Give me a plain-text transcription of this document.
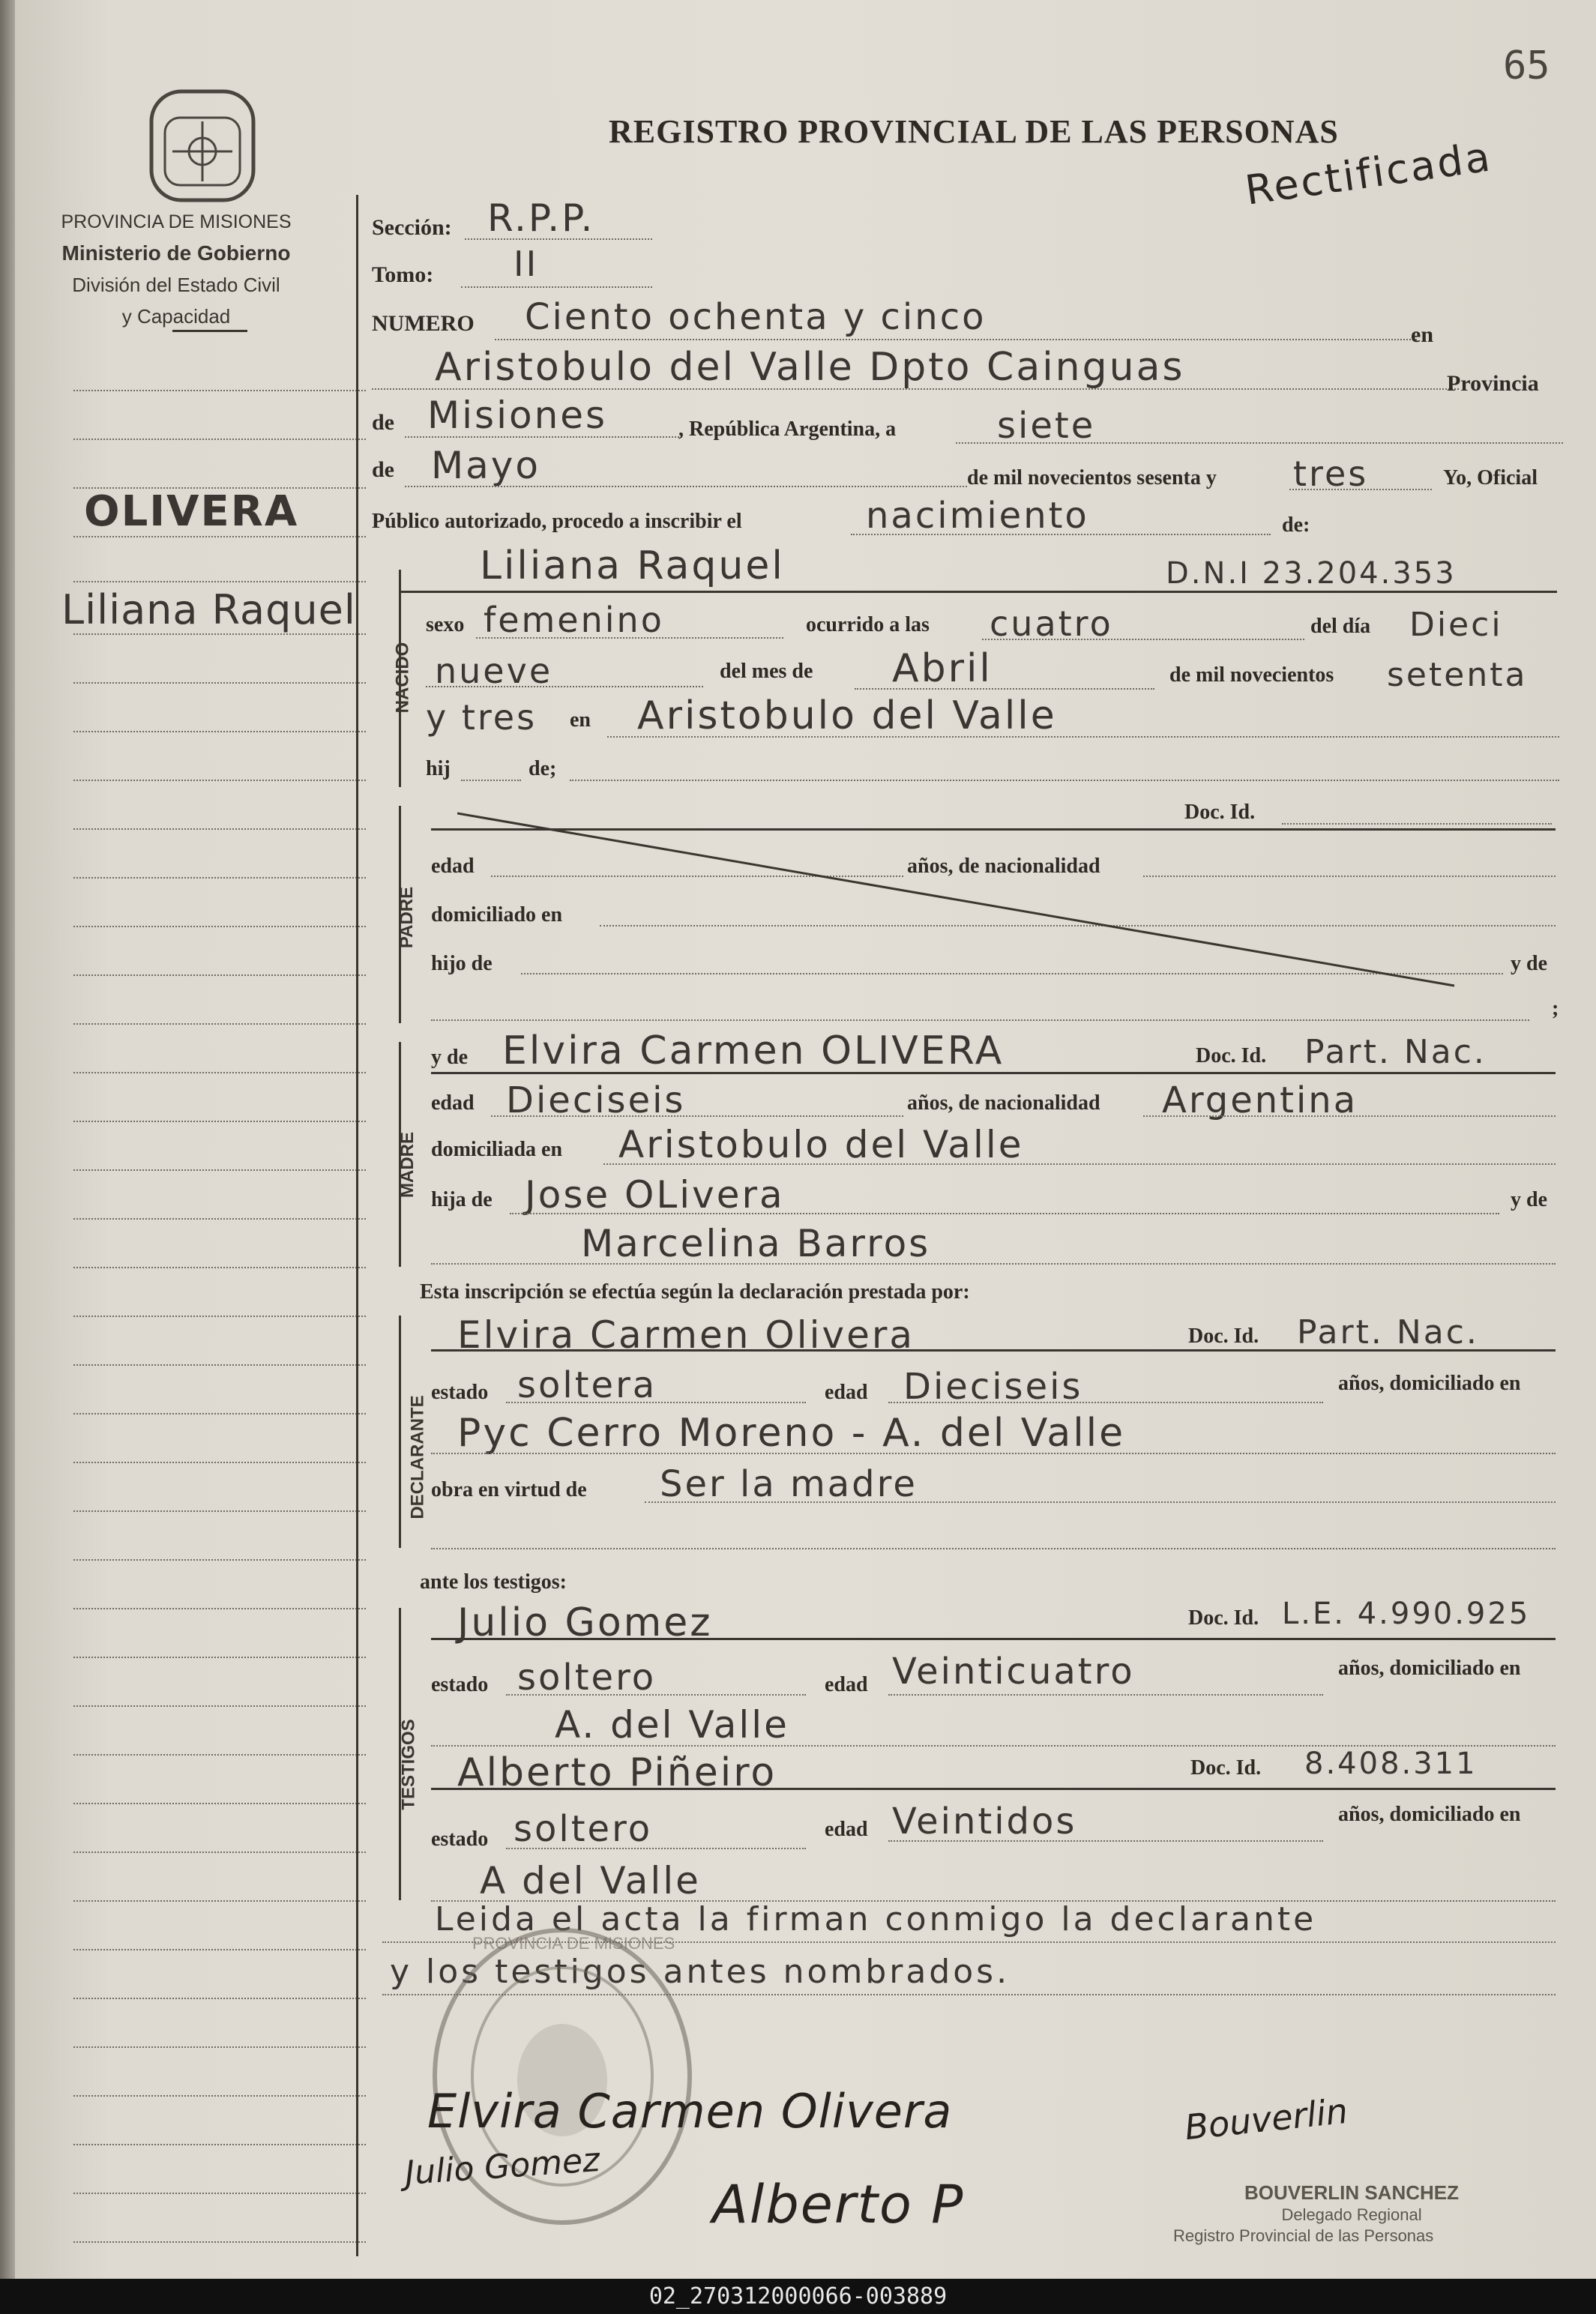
65
PROVINCIA DE MISIONES
Ministerio de Gobierno
División del Estado Civil
y Capacidad
REGISTRO PROVINCIAL DE LAS PERSONAS
Rectificada
OLIVERA
Liliana Raquel
Sección: R.P.P.
Tomo: II
NUMERO Ciento ochenta y cinco	en
Aristobulo del Valle Dpto Cainguas	Provincia
de Misiones	, República Argentina, a	siete
de Mayo	de mil novecientos sesenta y tres	Yo, Oficial
Público autorizado, procedo a inscribir el	nacimiento	de:
NACIDO
Liliana Raquel	D.N.I 23.204.353
sexo femenino	ocurrido a las cuatro	del día Dieci
nueve	del mes de Abril	de mil novecientos setenta
y tres en Aristobulo del Valle
hij	de;
PADRE
Doc. Id.
edad	años, de nacionalidad
domiciliado en
hijo de	y de
;
MADRE
y de Elvira Carmen OLIVERA	Doc. Id. Part. Nac.
edad Dieciseis	años, de nacionalidad Argentina
domiciliada en Aristobulo del Valle
hija de Jose OLivera	y de
Marcelina Barros
Esta inscripción se efectúa según la declaración prestada por:
DECLARANTE
Elvira Carmen Olivera	Doc. Id. Part. Nac.
estado soltera	edad Dieciseis	años, domiciliado en
Pyc Cerro Moreno - A. del Valle
obra en virtud de Ser la madre
ante los testigos:
TESTIGOS
Julio Gomez	Doc. Id. L.E. 4.990.925
estado soltero	edad Veinticuatro	años, domiciliado en
A. del Valle
Alberto Piñeiro	Doc. Id. 8.408.311
estado soltero	edad Veintidos	años, domiciliado en
A del Valle
Leida el acta la firman conmigo la declarante
y los testigos antes nombrados.
PROVINCIA DE MISIONES
Elvira Carmen Olivera
Julio Gomez
Alberto P
Bouverlin
BOUVERLIN SANCHEZ
Delegado Regional
Registro Provincial de las Personas
02_270312000066-003889
